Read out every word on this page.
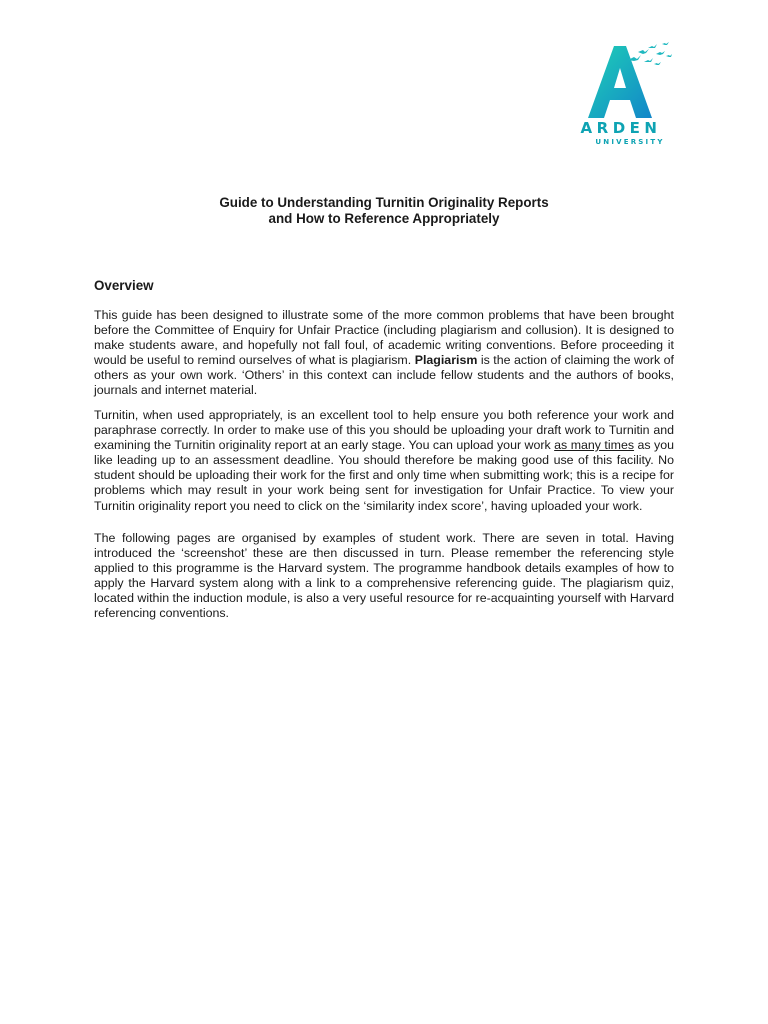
ARDEN
UNIVERSITY
Guide to Understanding Turnitin Originality Reports
and How to Reference Appropriately
Overview
This guide has been designed to illustrate some of the more common problems that have been brought before the Committee of Enquiry for Unfair Practice (including plagiarism and collusion). It is designed to make students aware, and hopefully not fall foul, of academic writing conventions. Before proceeding it would be useful to remind ourselves of what is plagiarism. Plagiarism is the action of claiming the work of others as your own work. ‘Others’ in this context can include fellow students and the authors of books, journals and internet material.
Turnitin, when used appropriately, is an excellent tool to help ensure you both reference your work and paraphrase correctly. In order to make use of this you should be uploading your draft work to Turnitin and examining the Turnitin originality report at an early stage. You can upload your work as many times as you like leading up to an assessment deadline. You should therefore be making good use of this facility. No student should be uploading their work for the first and only time when submitting work; this is a recipe for problems which may result in your work being sent for investigation for Unfair Practice. To view your Turnitin originality report you need to click on the ‘similarity index score’, having uploaded your work.
The following pages are organised by examples of student work. There are seven in total. Having introduced the ‘screenshot’ these are then discussed in turn. Please remember the referencing style applied to this programme is the Harvard system. The programme handbook details examples of how to apply the Harvard system along with a link to a comprehensive referencing guide. The plagiarism quiz, located within the induction module, is also a very useful resource for re-acquainting yourself with Harvard referencing conventions.
